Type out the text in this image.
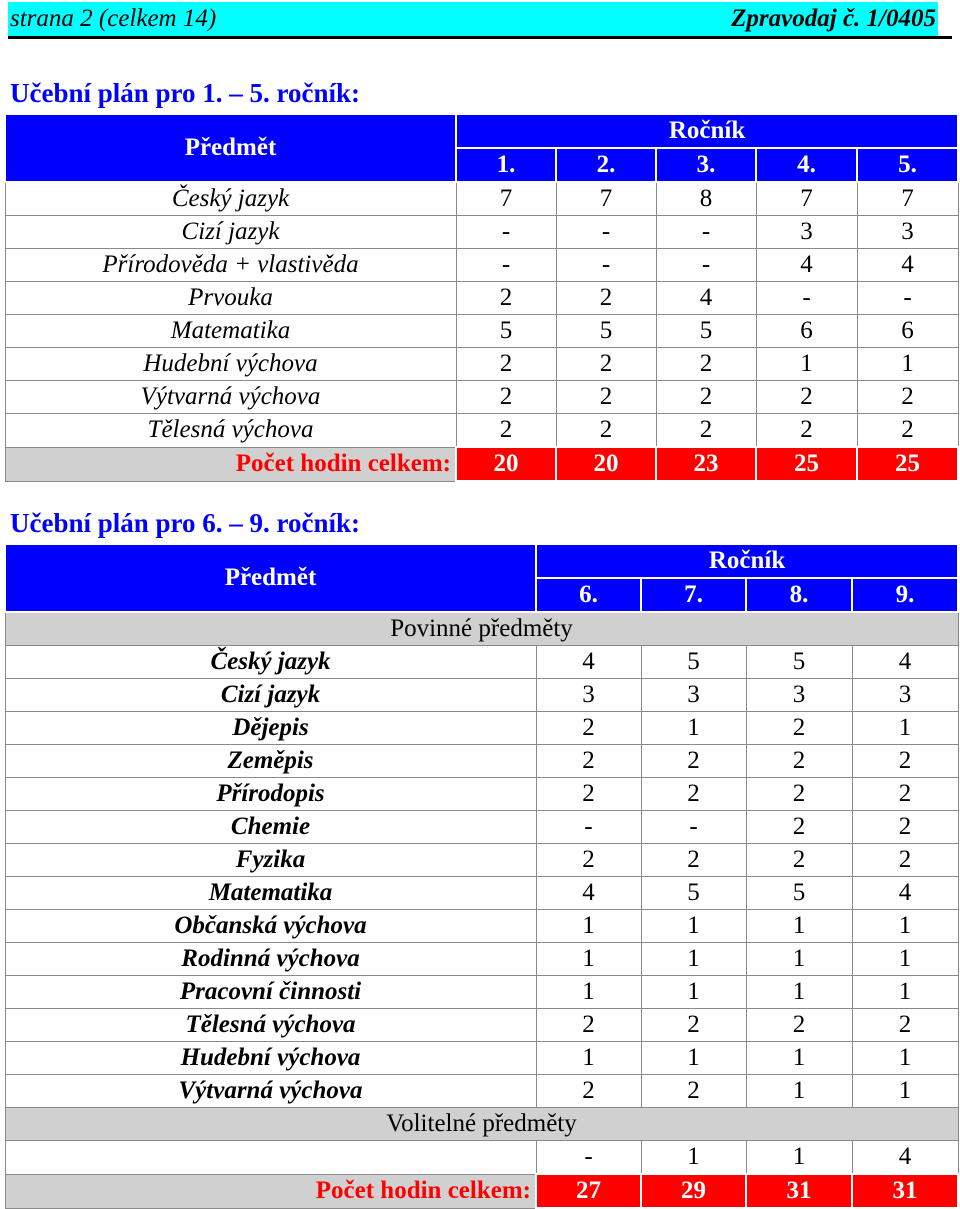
strana 2 (celkem 14)	Zpravodaj č. 1/0405
Učební plán pro 1. – 5. ročník:
Předmět	Ročník				
	1.	2.	3.	4.	5.
Český jazyk	7	7	8	7	7
Cizí jazyk	-	-	-	3	3
Přírodověda + vlastivěda	-	-	-	4	4
Prvouka	2	2	4	-	-
Matematika	5	5	5	6	6
Hudební výchova	2	2	2	1	1
Výtvarná výchova	2	2	2	2	2
Tělesná výchova	2	2	2	2	2
Počet hodin celkem:	20	20	23	25	25
Učební plán pro 6. – 9. ročník:
Předmět	Ročník			
	6.	7.	8.	9.
Povinné předměty				
Český jazyk	4	5	5	4
Cizí jazyk	3	3	3	3
Dějepis	2	1	2	1
Zeměpis	2	2	2	2
Přírodopis	2	2	2	2
Chemie	-	-	2	2
Fyzika	2	2	2	2
Matematika	4	5	5	4
Občanská výchova	1	1	1	1
Rodinná výchova	1	1	1	1
Pracovní činnosti	1	1	1	1
Tělesná výchova	2	2	2	2
Hudební výchova	1	1	1	1
Výtvarná výchova	2	2	1	1
Volitelné předměty				
	-	1	1	4
Počet hodin celkem:	27	29	31	31
